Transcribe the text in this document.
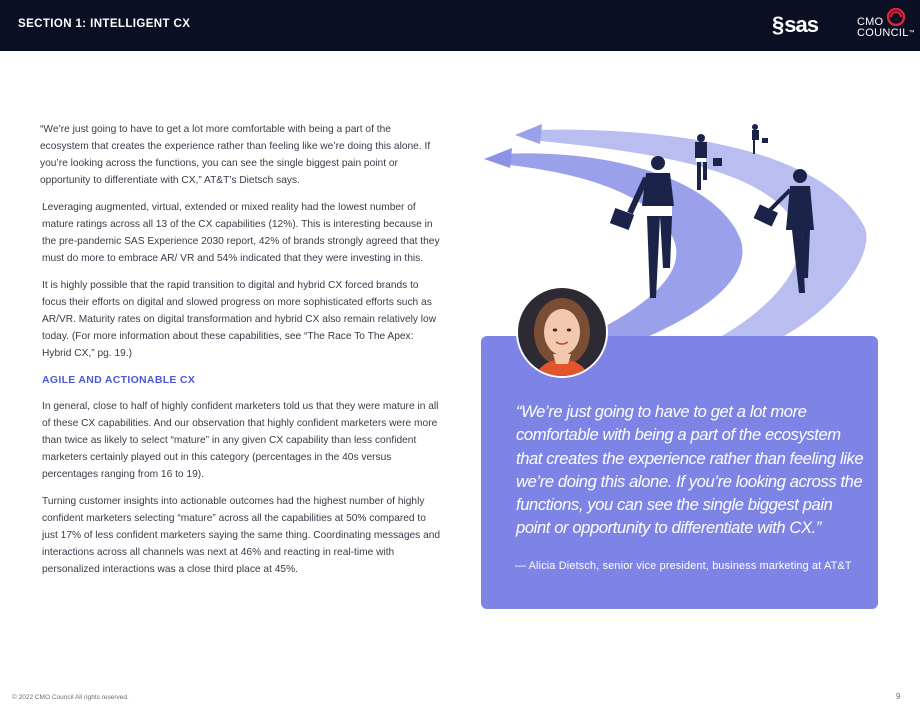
SECTION 1: INTELLIGENT CX	§sas	CMO
COUNCIL™

“We’re just going to have to get a lot more comfortable with being a part of the ecosystem that creates the experience rather than feeling like we’re doing this alone. If you’re looking across the functions, you can see the single biggest pain point or opportunity to differentiate with CX,” AT&T’s Dietsch says.

Leveraging augmented, virtual, extended or mixed reality had the lowest number of mature ratings across all 13 of the CX capabilities (12%). This is interesting because in the pre-pandemic SAS Experience 2030 report, 42% of brands strongly agreed that they must do more to embrace AR/ VR and 54% indicated that they were investing in this.

It is highly possible that the rapid transition to digital and hybrid CX forced brands to focus their efforts on digital and slowed progress on more sophisticated efforts such as AR/VR. Maturity rates on digital transformation and hybrid CX also remain relatively low today. (For more information about these capabilities, see “The Race To The Apex: Hybrid CX,” pg. 19.)

AGILE AND ACTIONABLE CX

In general, close to half of highly confident marketers told us that they were mature in all of these CX capabilities. And our observation that highly confident marketers were more than twice as likely to select “mature” in any given CX capability than less confident marketers certainly played out in this category (percentages in the 40s versus percentages ranging from 16 to 19).

Turning customer insights into actionable outcomes had the highest number of highly confident marketers selecting “mature” across all the capabilities at 50% compared to just 17% of less confident marketers saying the same thing. Coordinating messages and interactions across all channels was next at 46% and reacting in real-time with personalized interactions was a close third place at 45%.

“We’re just going to have to get a lot more comfortable with being a part of the ecosystem that creates the experience rather than feeling like we’re doing this alone. If you’re looking across the functions, you can see the single biggest pain point or opportunity to differentiate with CX.”
— Alicia Dietsch, senior vice president, business marketing at AT&T
© 2022 CMO Council All rights reserved.	9
